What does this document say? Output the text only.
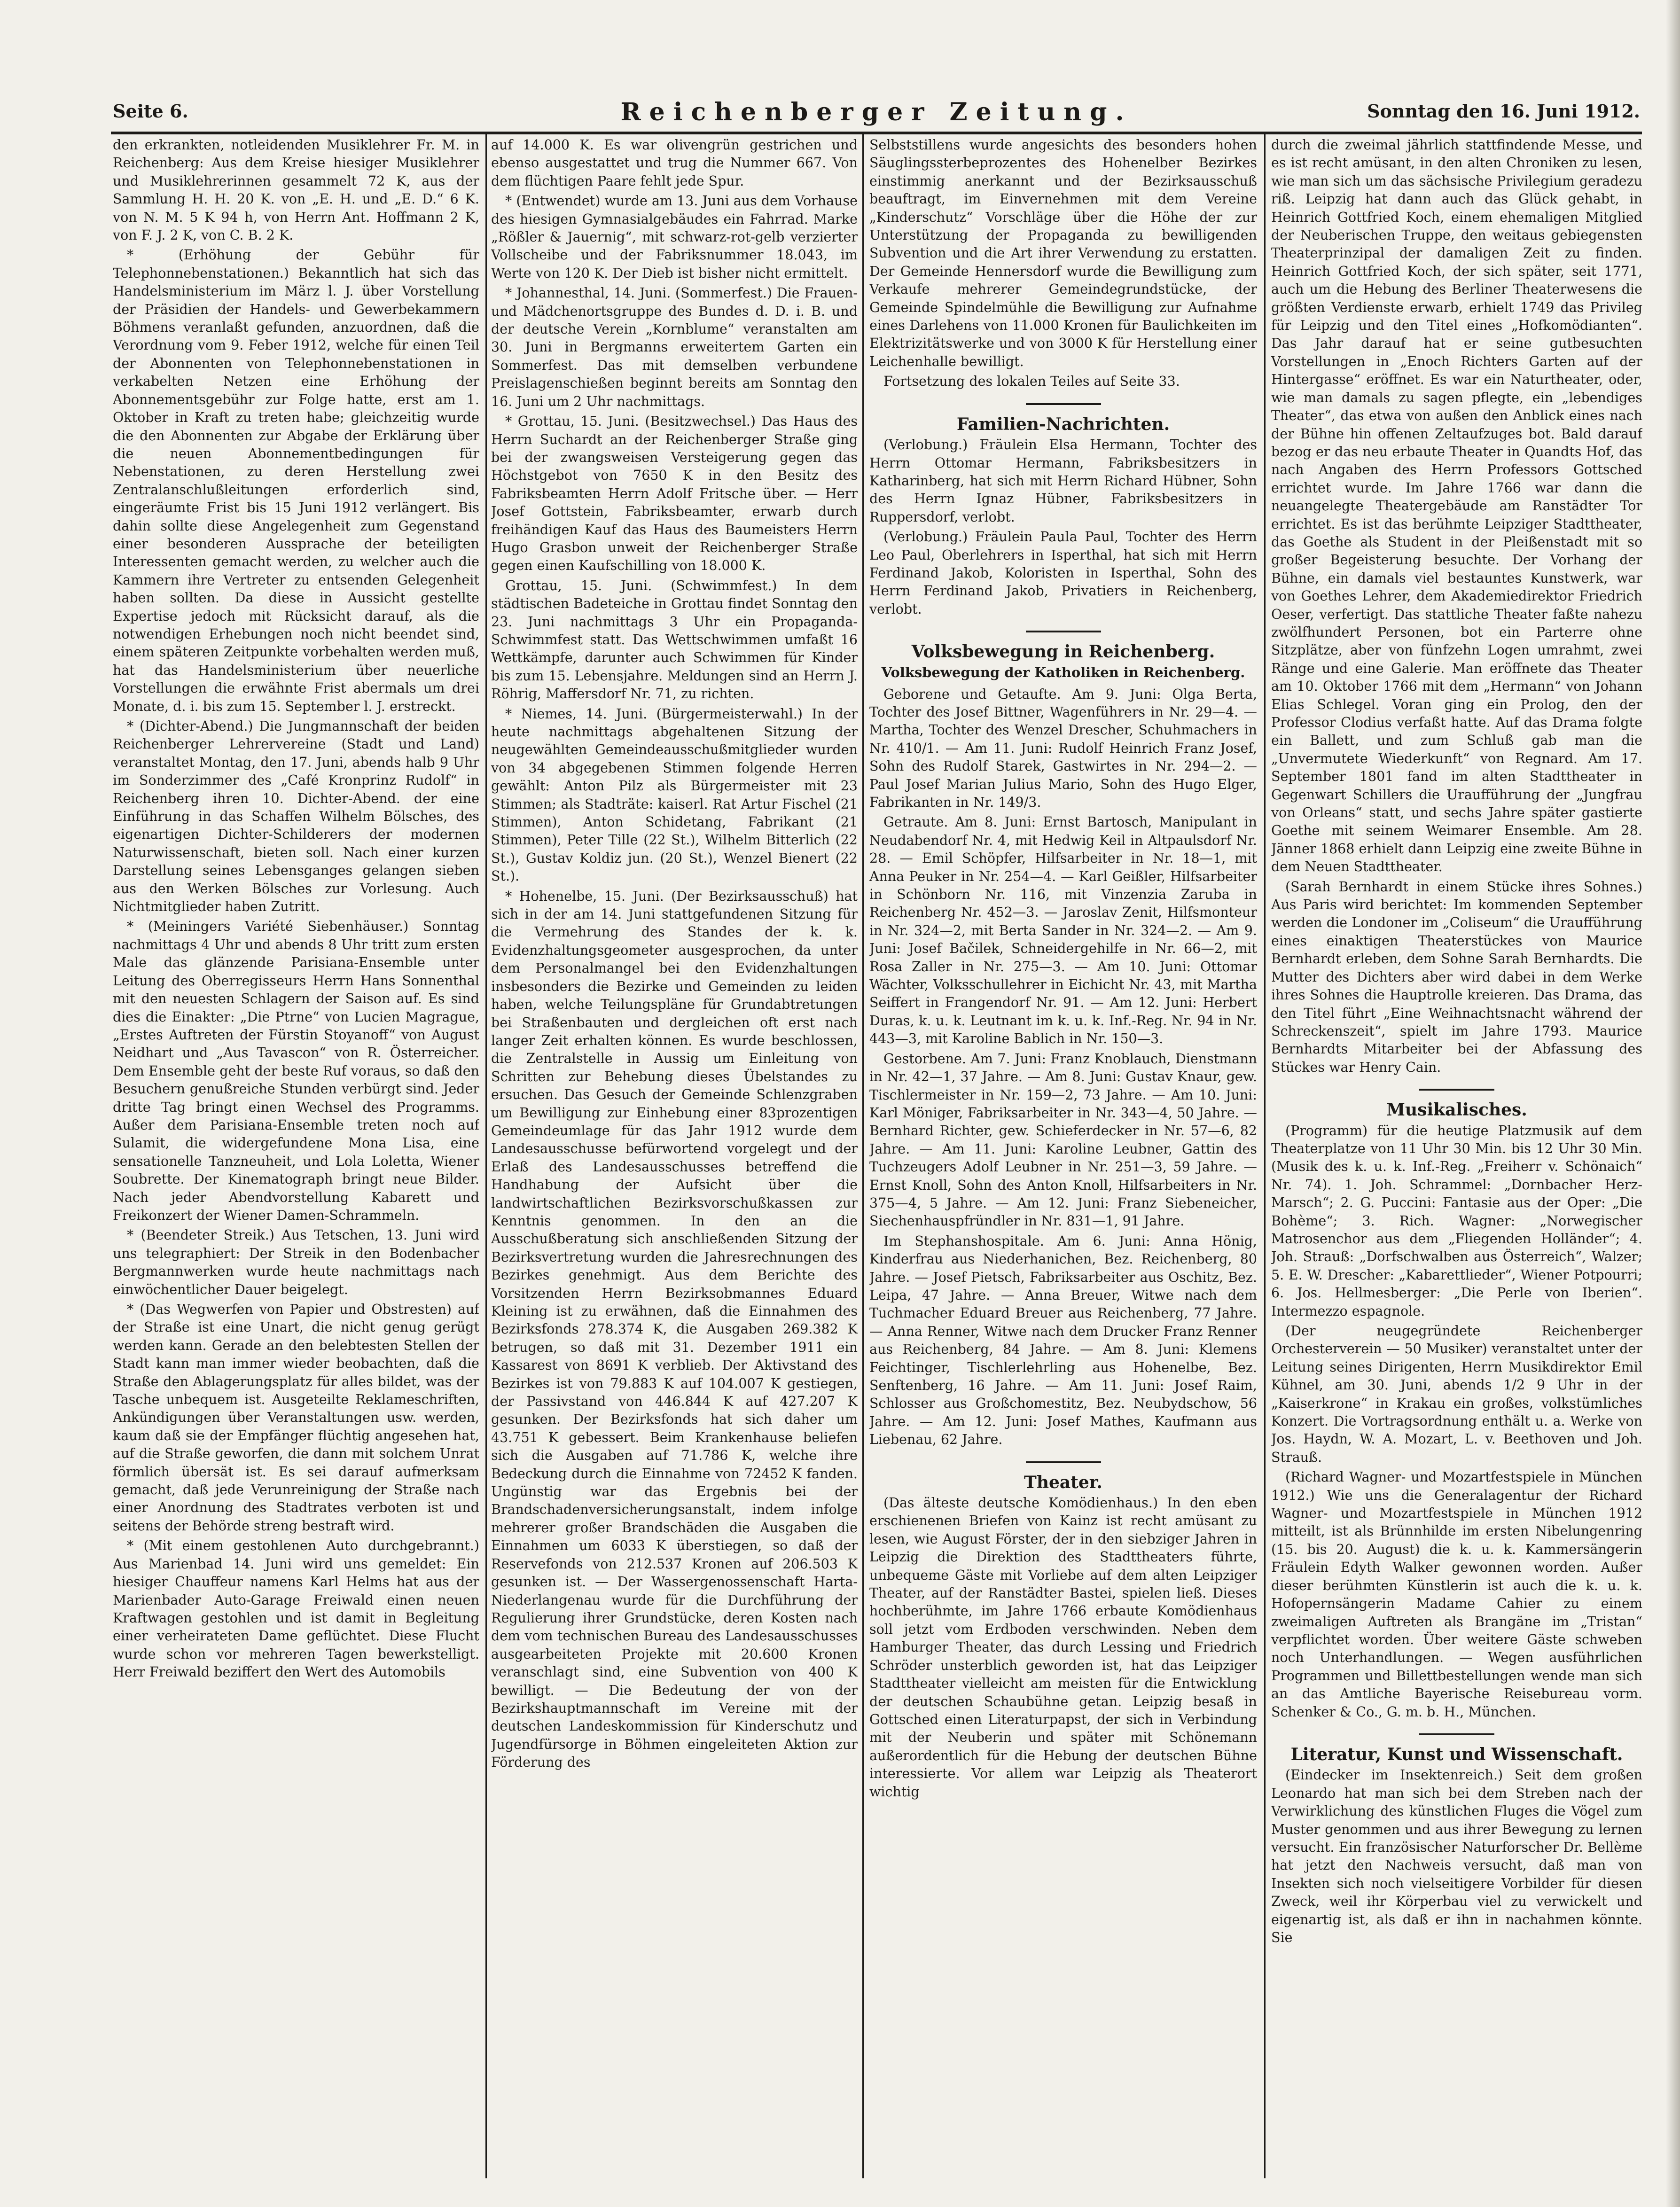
Seite 6.	Reichenberger Zeitung.	Sonntag den 16. Juni 1912.

den erkrankten, notleidenden Musiklehrer Fr. M. in Reichenberg: Aus dem Kreise hiesiger Musiklehrer und Musiklehrerinnen gesammelt 72 K, aus der Sammlung H. H. 20 K. von „E. H. und „E. D.“ 6 K. von N. M. 5 K 94 h, von Herrn Ant. Hoffmann 2 K, von F. J. 2 K, von C. B. 2 K.

* (Erhöhung der Gebühr für Telephonnebenstationen.) Bekanntlich hat sich das Handelsministerium im März l. J. über Vorstellung der Präsidien der Handels- und Gewerbekammern Böhmens veranlaßt gefunden, anzuordnen, daß die Verordnung vom 9. Feber 1912, welche für einen Teil der Abonnenten von Telephonnebenstationen in verkabelten Netzen eine Erhöhung der Abonnementsgebühr zur Folge hatte, erst am 1. Oktober in Kraft zu treten habe; gleichzeitig wurde die den Abonnenten zur Abgabe der Erklärung über die neuen Abonnementbedingungen für Nebenstationen, zu deren Herstellung zwei Zentralanschlußleitungen erforderlich sind, eingeräumte Frist bis 15 Juni 1912 verlängert. Bis dahin sollte diese Angelegenheit zum Gegenstand einer besonderen Aussprache der beteiligten Interessenten gemacht werden, zu welcher auch die Kammern ihre Vertreter zu entsenden Gelegenheit haben sollten. Da diese in Aussicht gestellte Expertise jedoch mit Rücksicht darauf, als die notwendigen Erhebungen noch nicht beendet sind, einem späteren Zeitpunkte vorbehalten werden muß, hat das Handelsministerium über neuerliche Vorstellungen die erwähnte Frist abermals um drei Monate, d. i. bis zum 15. September l. J. erstreckt.

* (Dichter-Abend.) Die Jungmannschaft der beiden Reichenberger Lehrervereine (Stadt und Land) veranstaltet Montag, den 17. Juni, abends halb 9 Uhr im Sonderzimmer des „Café Kronprinz Rudolf“ in Reichenberg ihren 10. Dichter-Abend. der eine Einführung in das Schaffen Wilhelm Bölsches, des eigenartigen Dichter-Schilderers der modernen Naturwissenschaft, bieten soll. Nach einer kurzen Darstellung seines Lebensganges gelangen sieben aus den Werken Bölsches zur Vorlesung. Auch Nichtmitglieder haben Zutritt.

* (Meiningers Variété Siebenhäuser.) Sonntag nachmittags 4 Uhr und abends 8 Uhr tritt zum ersten Male das glänzende Parisiana-Ensemble unter Leitung des Oberregisseurs Herrn Hans Sonnenthal mit den neuesten Schlagern der Saison auf. Es sind dies die Einakter: „Die Ptrne“ von Lucien Magrague, „Erstes Auftreten der Fürstin Stoyanoff“ von August Neidhart und „Aus Tavascon“ von R. Österreicher. Dem Ensemble geht der beste Ruf voraus, so daß den Besuchern genußreiche Stunden verbürgt sind. Jeder dritte Tag bringt einen Wechsel des Programms. Außer dem Parisiana-Ensemble treten noch auf Sulamit, die widergefundene Mona Lisa, eine sensationelle Tanzneuheit, und Lola Loletta, Wiener Soubrette. Der Kinematograph bringt neue Bilder. Nach jeder Abendvorstellung Kabarett und Freikonzert der Wiener Damen-Schrammeln.

* (Beendeter Streik.) Aus Tetschen, 13. Juni wird uns telegraphiert: Der Streik in den Bodenbacher Bergmannwerken wurde heute nachmittags nach einwöchentlicher Dauer beigelegt.

* (Das Wegwerfen von Papier und Obstresten) auf der Straße ist eine Unart, die nicht genug gerügt werden kann. Gerade an den belebtesten Stellen der Stadt kann man immer wieder beobachten, daß die Straße den Ablagerungsplatz für alles bildet, was der Tasche unbequem ist. Ausgeteilte Reklameschriften, Ankündigungen über Veranstaltungen usw. werden, kaum daß sie der Empfänger flüchtig angesehen hat, auf die Straße geworfen, die dann mit solchem Unrat förmlich übersät ist. Es sei darauf aufmerksam gemacht, daß jede Verunreinigung der Straße nach einer Anordnung des Stadtrates verboten ist und seitens der Behörde streng bestraft wird.

* (Mit einem gestohlenen Auto durchgebrannt.) Aus Marienbad 14. Juni wird uns gemeldet: Ein hiesiger Chauffeur namens Karl Helms hat aus der Marienbader Auto-Garage Freiwald einen neuen Kraftwagen gestohlen und ist damit in Begleitung einer verheirateten Dame geflüchtet. Diese Flucht wurde schon vor mehreren Tagen bewerkstelligt. Herr Freiwald beziffert den Wert des Automobils

auf 14.000 K. Es war olivengrün gestrichen und ebenso ausgestattet und trug die Nummer 667. Von dem flüchtigen Paare fehlt jede Spur.

* (Entwendet) wurde am 13. Juni aus dem Vorhause des hiesigen Gymnasialgebäudes ein Fahrrad. Marke „Rößler & Jauernig“, mit schwarz-rot-gelb verzierter Vollscheibe und der Fabriksnummer 18.043, im Werte von 120 K. Der Dieb ist bisher nicht ermittelt.

* Johannesthal, 14. Juni. (Sommerfest.) Die Frauen- und Mädchenortsgruppe des Bundes d. D. i. B. und der deutsche Verein „Kornblume“ veranstalten am 30. Juni in Bergmanns erweitertem Garten ein Sommerfest. Das mit demselben verbundene Preislagenschießen beginnt bereits am Sonntag den 16. Juni um 2 Uhr nachmittags.

* Grottau, 15. Juni. (Besitzwechsel.) Das Haus des Herrn Suchardt an der Reichenberger Straße ging bei der zwangsweisen Versteigerung gegen das Höchstgebot von 7650 K in den Besitz des Fabriksbeamten Herrn Adolf Fritsche über. — Herr Josef Gottstein, Fabriksbeamter, erwarb durch freihändigen Kauf das Haus des Baumeisters Herrn Hugo Grasbon unweit der Reichenberger Straße gegen einen Kaufschilling von 18.000 K.

Grottau, 15. Juni. (Schwimmfest.) In dem städtischen Badeteiche in Grottau findet Sonntag den 23. Juni nachmittags 3 Uhr ein Propaganda-Schwimmfest statt. Das Wettschwimmen umfaßt 16 Wettkämpfe, darunter auch Schwimmen für Kinder bis zum 15. Lebensjahre. Meldungen sind an Herrn J. Röhrig, Maffersdorf Nr. 71, zu richten.

* Niemes, 14. Juni. (Bürgermeisterwahl.) In der heute nachmittags abgehaltenen Sitzung der neugewählten Gemeindeausschußmitglieder wurden von 34 abgegebenen Stimmen folgende Herren gewählt: Anton Pilz als Bürgermeister mit 23 Stimmen; als Stadträte: kaiserl. Rat Artur Fischel (21 Stimmen), Anton Schidetang, Fabrikant (21 Stimmen), Peter Tille (22 St.), Wilhelm Bitterlich (22 St.), Gustav Koldiz jun. (20 St.), Wenzel Bienert (22 St.).

* Hohenelbe, 15. Juni. (Der Bezirksausschuß) hat sich in der am 14. Juni stattgefundenen Sitzung für die Vermehrung des Standes der k. k. Evidenzhaltungsgeometer ausgesprochen, da unter dem Personalmangel bei den Evidenzhaltungen insbesonders die Bezirke und Gemeinden zu leiden haben, welche Teilungspläne für Grundabtretungen bei Straßenbauten und dergleichen oft erst nach langer Zeit erhalten können. Es wurde beschlossen, die Zentralstelle in Aussig um Einleitung von Schritten zur Behebung dieses Übelstandes zu ersuchen. Das Gesuch der Gemeinde Schlenzgraben um Bewilligung zur Einhebung einer 83prozentigen Gemeindeumlage für das Jahr 1912 wurde dem Landesausschusse befürwortend vorgelegt und der Erlaß des Landesausschusses betreffend die Handhabung der Aufsicht über die landwirtschaftlichen Bezirksvorschußkassen zur Kenntnis genommen. In den an die Ausschußberatung sich anschließenden Sitzung der Bezirksvertretung wurden die Jahresrechnungen des Bezirkes genehmigt. Aus dem Berichte des Vorsitzenden Herrn Bezirksobmannes Eduard Kleining ist zu erwähnen, daß die Einnahmen des Bezirksfonds 278.374 K, die Ausgaben 269.382 K betrugen, so daß mit 31. Dezember 1911 ein Kassarest von 8691 K verblieb. Der Aktivstand des Bezirkes ist von 79.883 K auf 104.007 K gestiegen, der Passivstand von 446.844 K auf 427.207 K gesunken. Der Bezirksfonds hat sich daher um 43.751 K gebessert. Beim Krankenhause beliefen sich die Ausgaben auf 71.786 K, welche ihre Bedeckung durch die Einnahme von 72452 K fanden. Ungünstig war das Ergebnis bei der Brandschadenversicherungsanstalt, indem infolge mehrerer großer Brandschäden die Ausgaben die Einnahmen um 6033 K überstiegen, so daß der Reservefonds von 212.537 Kronen auf 206.503 K gesunken ist. — Der Wassergenossenschaft Harta-Niederlangenau wurde für die Durchführung der Regulierung ihrer Grundstücke, deren Kosten nach dem vom technischen Bureau des Landesausschusses ausgearbeiteten Projekte mit 20.600 Kronen veranschlagt sind, eine Subvention von 400 K bewilligt. — Die Bedeutung der von der Bezirkshauptmannschaft im Vereine mit der deutschen Landeskommission für Kinderschutz und Jugendfürsorge in Böhmen eingeleiteten Aktion zur Förderung des

Selbststillens wurde angesichts des besonders hohen Säuglingssterbeprozentes des Hohenelber Bezirkes einstimmig anerkannt und der Bezirksausschuß beauftragt, im Einvernehmen mit dem Vereine „Kinderschutz“ Vorschläge über die Höhe der zur Unterstützung der Propaganda zu bewilligenden Subvention und die Art ihrer Verwendung zu erstatten. Der Gemeinde Hennersdorf wurde die Bewilligung zum Verkaufe mehrerer Gemeindegrundstücke, der Gemeinde Spindelmühle die Bewilligung zur Aufnahme eines Darlehens von 11.000 Kronen für Baulichkeiten im Elektrizitätswerke und von 3000 K für Herstellung einer Leichenhalle bewilligt.

Fortsetzung des lokalen Teiles auf Seite 33.

Familien-Nachrichten.

(Verlobung.) Fräulein Elsa Hermann, Tochter des Herrn Ottomar Hermann, Fabriksbesitzers in Katharinberg, hat sich mit Herrn Richard Hübner, Sohn des Herrn Ignaz Hübner, Fabriksbesitzers in Ruppersdorf, verlobt.

(Verlobung.) Fräulein Paula Paul, Tochter des Herrn Leo Paul, Oberlehrers in Isperthal, hat sich mit Herrn Ferdinand Jakob, Koloristen in Isperthal, Sohn des Herrn Ferdinand Jakob, Privatiers in Reichenberg, verlobt.

Volksbewegung in Reichenberg.
Volksbewegung der Katholiken in Reichenberg.

Geborene und Getaufte. Am 9. Juni: Olga Berta, Tochter des Josef Bittner, Wagenführers in Nr. 29—4. — Martha, Tochter des Wenzel Drescher, Schuhmachers in Nr. 410/1. — Am 11. Juni: Rudolf Heinrich Franz Josef, Sohn des Rudolf Starek, Gastwirtes in Nr. 294—2. — Paul Josef Marian Julius Mario, Sohn des Hugo Elger, Fabrikanten in Nr. 149/3.

Getraute. Am 8. Juni: Ernst Bartosch, Manipulant in Neudabendorf Nr. 4, mit Hedwig Keil in Altpaulsdorf Nr. 28. — Emil Schöpfer, Hilfsarbeiter in Nr. 18—1, mit Anna Peuker in Nr. 254—4. — Karl Geißler, Hilfsarbeiter in Schönborn Nr. 116, mit Vinzenzia Zaruba in Reichenberg Nr. 452—3. — Jaroslav Zenit, Hilfsmonteur in Nr. 324—2, mit Berta Sander in Nr. 324—2. — Am 9. Juni: Josef Bačilek, Schneidergehilfe in Nr. 66—2, mit Rosa Zaller in Nr. 275—3. — Am 10. Juni: Ottomar Wächter, Volksschullehrer in Eichicht Nr. 43, mit Martha Seiffert in Frangendorf Nr. 91. — Am 12. Juni: Herbert Duras, k. u. k. Leutnant im k. u. k. Inf.-Reg. Nr. 94 in Nr. 443—3, mit Karoline Bablich in Nr. 150—3.

Gestorbene. Am 7. Juni: Franz Knoblauch, Dienstmann in Nr. 42—1, 37 Jahre. — Am 8. Juni: Gustav Knaur, gew. Tischlermeister in Nr. 159—2, 73 Jahre. — Am 10. Juni: Karl Möniger, Fabriksarbeiter in Nr. 343—4, 50 Jahre. — Bernhard Richter, gew. Schieferdecker in Nr. 57—6, 82 Jahre. — Am 11. Juni: Karoline Leubner, Gattin des Tuchzeugers Adolf Leubner in Nr. 251—3, 59 Jahre. — Ernst Knoll, Sohn des Anton Knoll, Hilfsarbeiters in Nr. 375—4, 5 Jahre. — Am 12. Juni: Franz Siebeneicher, Siechenhauspfründler in Nr. 831—1, 91 Jahre.

Im Stephanshospitale. Am 6. Juni: Anna Hönig, Kinderfrau aus Niederhanichen, Bez. Reichenberg, 80 Jahre. — Josef Pietsch, Fabriksarbeiter aus Oschitz, Bez. Leipa, 47 Jahre. — Anna Breuer, Witwe nach dem Tuchmacher Eduard Breuer aus Reichenberg, 77 Jahre. — Anna Renner, Witwe nach dem Drucker Franz Renner aus Reichenberg, 84 Jahre. — Am 8. Juni: Klemens Feichtinger, Tischlerlehrling aus Hohenelbe, Bez. Senftenberg, 16 Jahre. — Am 11. Juni: Josef Raim, Schlosser aus Großchomestitz, Bez. Neubydschow, 56 Jahre. — Am 12. Juni: Josef Mathes, Kaufmann aus Liebenau, 62 Jahre.

Theater.

(Das älteste deutsche Komödienhaus.) In den eben erschienenen Briefen von Kainz ist recht amüsant zu lesen, wie August Förster, der in den siebziger Jahren in Leipzig die Direktion des Stadttheaters führte, unbequeme Gäste mit Vorliebe auf dem alten Leipziger Theater, auf der Ranstädter Bastei, spielen ließ. Dieses hochberühmte, im Jahre 1766 erbaute Komödienhaus soll jetzt vom Erdboden verschwinden. Neben dem Hamburger Theater, das durch Lessing und Friedrich Schröder unsterblich geworden ist, hat das Leipziger Stadttheater vielleicht am meisten für die Entwicklung der deutschen Schaubühne getan. Leipzig besaß in Gottsched einen Literaturpapst, der sich in Verbindung mit der Neuberin und später mit Schönemann außerordentlich für die Hebung der deutschen Bühne interessierte. Vor allem war Leipzig als Theaterort wichtig

durch die zweimal jährlich stattfindende Messe, und es ist recht amüsant, in den alten Chroniken zu lesen, wie man sich um das sächsische Privilegium geradezu riß. Leipzig hat dann auch das Glück gehabt, in Heinrich Gottfried Koch, einem ehemaligen Mitglied der Neuberischen Truppe, den weitaus gebiegensten Theaterprinzipal der damaligen Zeit zu finden. Heinrich Gottfried Koch, der sich später, seit 1771, auch um die Hebung des Berliner Theaterwesens die größten Verdienste erwarb, erhielt 1749 das Privileg für Leipzig und den Titel eines „Hofkomödianten“. Das Jahr darauf hat er seine gutbesuchten Vorstellungen in „Enoch Richters Garten auf der Hintergasse“ eröffnet. Es war ein Naturtheater, oder, wie man damals zu sagen pflegte, ein „lebendiges Theater“, das etwa von außen den Anblick eines nach der Bühne hin offenen Zeltaufzuges bot. Bald darauf bezog er das neu erbaute Theater in Quandts Hof, das nach Angaben des Herrn Professors Gottsched errichtet wurde. Im Jahre 1766 war dann die neuangelegte Theatergebäude am Ranstädter Tor errichtet. Es ist das berühmte Leipziger Stadttheater, das Goethe als Student in der Pleißenstadt mit so großer Begeisterung besuchte. Der Vorhang der Bühne, ein damals viel bestauntes Kunstwerk, war von Goethes Lehrer, dem Akademiedirektor Friedrich Oeser, verfertigt. Das stattliche Theater faßte nahezu zwölfhundert Personen, bot ein Parterre ohne Sitzplätze, aber von fünfzehn Logen umrahmt, zwei Ränge und eine Galerie. Man eröffnete das Theater am 10. Oktober 1766 mit dem „Hermann“ von Johann Elias Schlegel. Voran ging ein Prolog, den der Professor Clodius verfaßt hatte. Auf das Drama folgte ein Ballett, und zum Schluß gab man die „Unvermutete Wiederkunft“ von Regnard. Am 17. September 1801 fand im alten Stadttheater in Gegenwart Schillers die Uraufführung der „Jungfrau von Orleans“ statt, und sechs Jahre später gastierte Goethe mit seinem Weimarer Ensemble. Am 28. Jänner 1868 erhielt dann Leipzig eine zweite Bühne in dem Neuen Stadttheater.

(Sarah Bernhardt in einem Stücke ihres Sohnes.) Aus Paris wird berichtet: Im kommenden September werden die Londoner im „Coliseum“ die Uraufführung eines einaktigen Theaterstückes von Maurice Bernhardt erleben, dem Sohne Sarah Bernhardts. Die Mutter des Dichters aber wird dabei in dem Werke ihres Sohnes die Hauptrolle kreieren. Das Drama, das den Titel führt „Eine Weihnachtsnacht während der Schreckenszeit“, spielt im Jahre 1793. Maurice Bernhardts Mitarbeiter bei der Abfassung des Stückes war Henry Cain.

Musikalisches.

(Programm) für die heutige Platzmusik auf dem Theaterplatze von 11 Uhr 30 Min. bis 12 Uhr 30 Min. (Musik des k. u. k. Inf.-Reg. „Freiherr v. Schönaich“ Nr. 74). 1. Joh. Schrammel: „Dornbacher Herz-Marsch“; 2. G. Puccini: Fantasie aus der Oper: „Die Bohème“; 3. Rich. Wagner: „Norwegischer Matrosenchor aus dem „Fliegenden Holländer“; 4. Joh. Strauß: „Dorfschwalben aus Österreich“, Walzer; 5. E. W. Drescher: „Kabarettlieder“, Wiener Potpourri; 6. Jos. Hellmesberger: „Die Perle von Iberien“. Intermezzo espagnole.

(Der neugegründete Reichenberger Orchesterverein — 50 Musiker) veranstaltet unter der Leitung seines Dirigenten, Herrn Musikdirektor Emil Kühnel, am 30. Juni, abends 1/2 9 Uhr in der „Kaiserkrone“ in Krakau ein großes, volkstümliches Konzert. Die Vortragsordnung enthält u. a. Werke von Jos. Haydn, W. A. Mozart, L. v. Beethoven und Joh. Strauß.

(Richard Wagner- und Mozartfestspiele in München 1912.) Wie uns die Generalagentur der Richard Wagner- und Mozartfestspiele in München 1912 mitteilt, ist als Brünnhilde im ersten Nibelungenring (15. bis 20. August) die k. u. k. Kammersängerin Fräulein Edyth Walker gewonnen worden. Außer dieser berühmten Künstlerin ist auch die k. u. k. Hofopernsängerin Madame Cahier zu einem zweimaligen Auftreten als Brangäne im „Tristan“ verpflichtet worden. Über weitere Gäste schweben noch Unterhandlungen. — Wegen ausführlichen Programmen und Billettbestellungen wende man sich an das Amtliche Bayerische Reisebureau vorm. Schenker & Co., G. m. b. H., München.

Literatur, Kunst und Wissenschaft.

(Eindecker im Insektenreich.) Seit dem großen Leonardo hat man sich bei dem Streben nach der Verwirklichung des künstlichen Fluges die Vögel zum Muster genommen und aus ihrer Bewegung zu lernen versucht. Ein französischer Naturforscher Dr. Bellème hat jetzt den Nachweis versucht, daß man von Insekten sich noch vielseitigere Vorbilder für diesen Zweck, weil ihr Körperbau viel zu verwickelt und eigenartig ist, als daß er ihn in nachahmen könnte. Sie
